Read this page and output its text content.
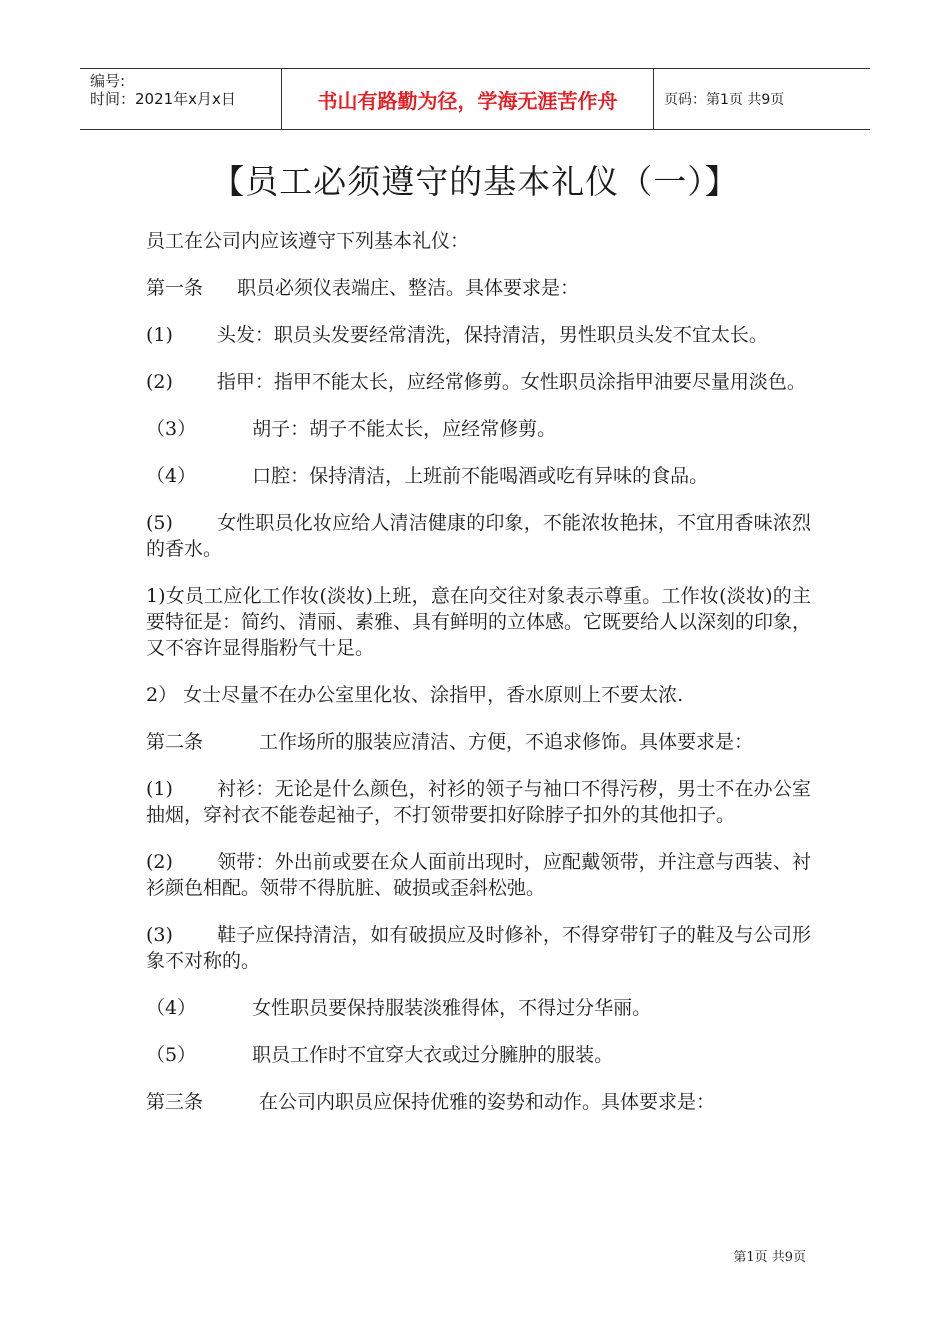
编号:
时间：2021年x月x日	书山有路勤为径，学海无涯苦作舟	页码：第1页 共9页
【员工必须遵守的基本礼仪（一）】

员工在公司内应该遵守下列基本礼仪：

第一条 职员必须仪表端庄、整洁。具体要求是：

(1) 头发：职员头发要经常清洗，保持清洁，男性职员头发不宜太长。

(2) 指甲：指甲不能太长，应经常修剪。女性职员涂指甲油要尽量用淡色。

（3）	胡子：胡子不能太长，应经常修剪。

（4）	口腔：保持清洁，上班前不能喝酒或吃有异味的食品。

(5) 女性职员化妆应给人清洁健康的印象，不能浓妆艳抹，不宜用香味浓烈的香水。

1)女员工应化工作妆(淡妆)上班，意在向交往对象表示尊重。工作妆(淡妆)的主要特征是：简约、清丽、素雅、具有鲜明的立体感。它既要给人以深刻的印象，又不容许显得脂粉气十足。

2） 女士尽量不在办公室里化妆、涂指甲，香水原则上不要太浓.

第二条	工作场所的服装应清洁、方便，不追求修饰。具体要求是：

(1) 衬衫：无论是什么颜色，衬衫的领子与袖口不得污秽，男士不在办公室抽烟，穿衬衣不能卷起袖子，不打领带要扣好除脖子扣外的其他扣子。

(2) 领带：外出前或要在众人面前出现时，应配戴领带，并注意与西装、衬衫颜色相配。领带不得肮脏、破损或歪斜松弛。

(3) 鞋子应保持清洁，如有破损应及时修补，不得穿带钉子的鞋及与公司形象不对称的。

（4）	女性职员要保持服装淡雅得体，不得过分华丽。

（5）	职员工作时不宜穿大衣或过分臃肿的服装。

第三条	在公司内职员应保持优雅的姿势和动作。具体要求是：

第1页 共9页
